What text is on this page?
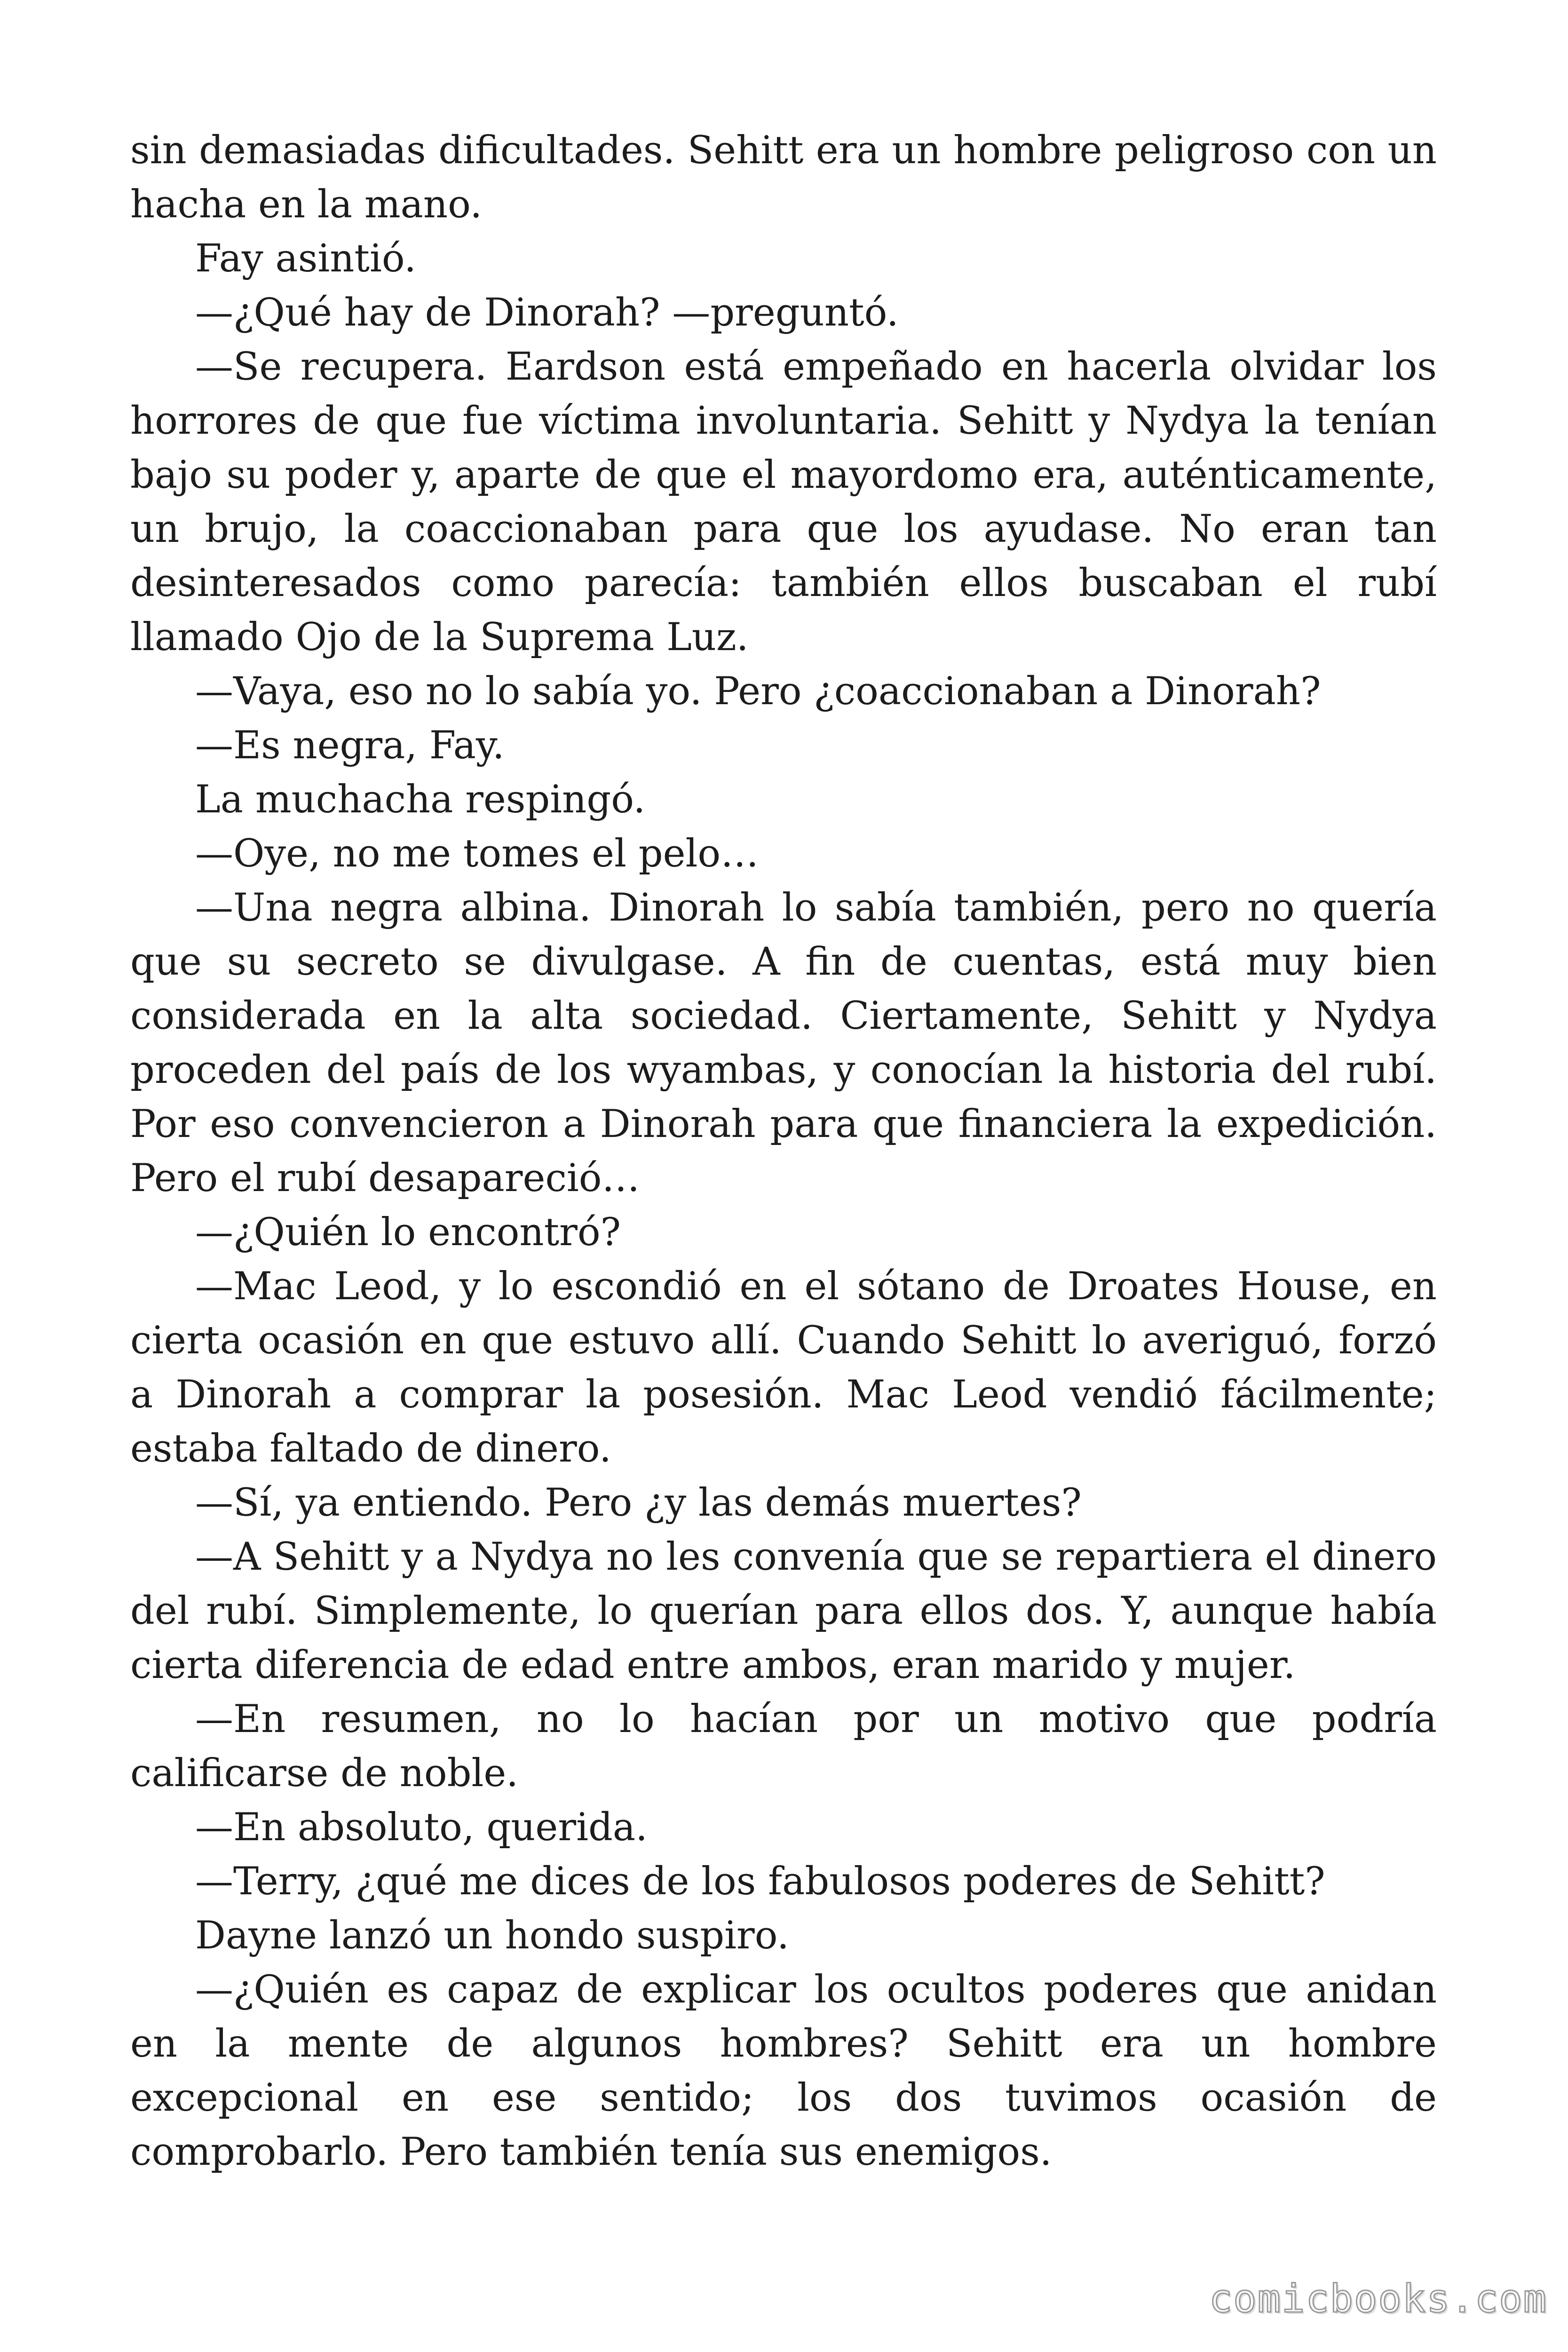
sin demasiadas dificultades. Sehitt era un hombre peligroso con un hacha en la mano.

Fay asintió.

—¿Qué hay de Dinorah? —preguntó.

—Se recupera. Eardson está empeñado en hacerla olvidar los horrores de que fue víctima involuntaria. Sehitt y Nydya la tenían bajo su poder y, aparte de que el mayordomo era, auténticamente, un brujo, la coaccionaban para que los ayudase. No eran tan desinteresados como parecía: también ellos buscaban el rubí llamado Ojo de la Suprema Luz.

—Vaya, eso no lo sabía yo. Pero ¿coaccionaban a Dinorah?

—Es negra, Fay.

La muchacha respingó.

—Oye, no me tomes el pelo…

—Una negra albina. Dinorah lo sabía también, pero no quería que su secreto se divulgase. A fin de cuentas, está muy bien considerada en la alta sociedad. Ciertamente, Sehitt y Nydya proceden del país de los wyambas, y conocían la historia del rubí. Por eso convencieron a Dinorah para que financiera la expedición. Pero el rubí desapareció…

—¿Quién lo encontró?

—Mac Leod, y lo escondió en el sótano de Droates House, en cierta ocasión en que estuvo allí. Cuando Sehitt lo averiguó, forzó a Dinorah a comprar la posesión. Mac Leod vendió fácilmente; estaba faltado de dinero.

—Sí, ya entiendo. Pero ¿y las demás muertes?

—A Sehitt y a Nydya no les convenía que se repartiera el dinero del rubí. Simplemente, lo querían para ellos dos. Y, aunque había cierta diferencia de edad entre ambos, eran marido y mujer.

—En resumen, no lo hacían por un motivo que podría calificarse de noble.

—En absoluto, querida.

—Terry, ¿qué me dices de los fabulosos poderes de Sehitt?

Dayne lanzó un hondo suspiro.

—¿Quién es capaz de explicar los ocultos poderes que anidan en la mente de algunos hombres? Sehitt era un hombre excepcional en ese sentido; los dos tuvimos ocasión de comprobarlo. Pero también tenía sus enemigos.

comicbooks.com
